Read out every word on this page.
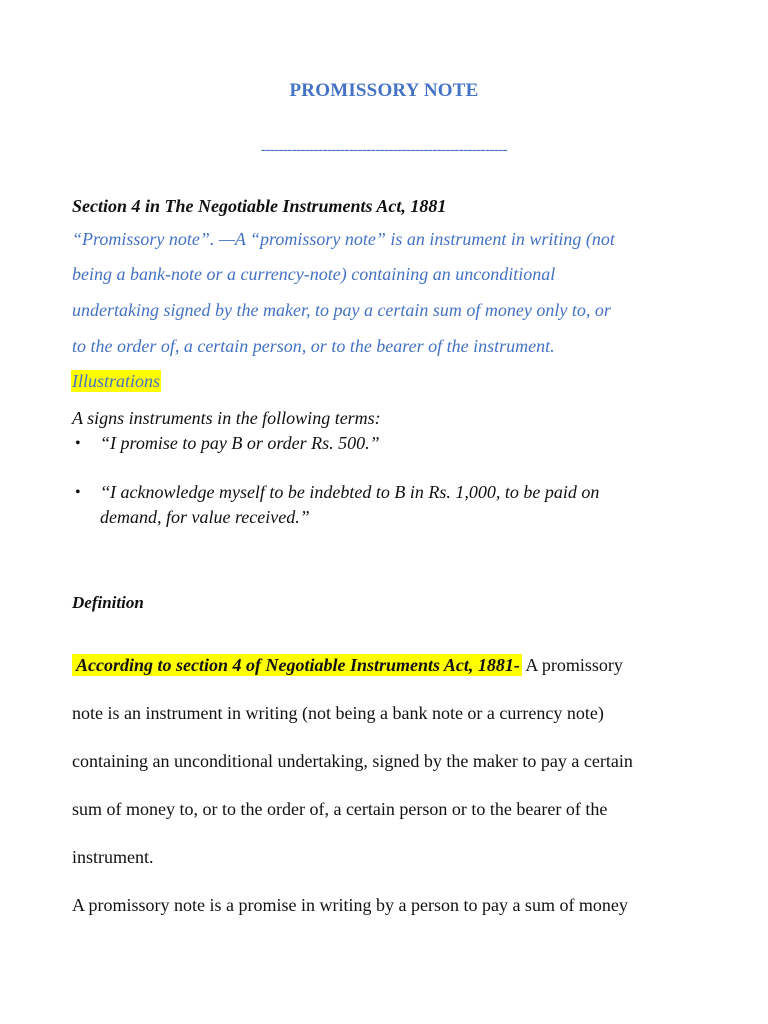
PROMISSORY NOTE
--------------------------------------------------------
Section 4 in The Negotiable Instruments Act, 1881
“Promissory note”. —A “promissory note” is an instrument in writing (not
being a bank-note or a currency-note) containing an unconditional
undertaking signed by the maker, to pay a certain sum of money only to, or
to the order of, a certain person, or to the bearer of the instrument.
Illustrations
A signs instruments in the following terms:
• “I promise to pay B or order Rs. 500.”
• ‘‘I acknowledge myself to be indebted to B in Rs. 1,000, to be paid on
demand, for value received.”
Definition
According to section 4 of Negotiable Instruments Act, 1881- A promissory
note is an instrument in writing (not being a bank note or a currency note)
containing an unconditional undertaking, signed by the maker to pay a certain
sum of money to, or to the order of, a certain person or to the bearer of the
instrument.
A promissory note is a promise in writing by a person to pay a sum of money
